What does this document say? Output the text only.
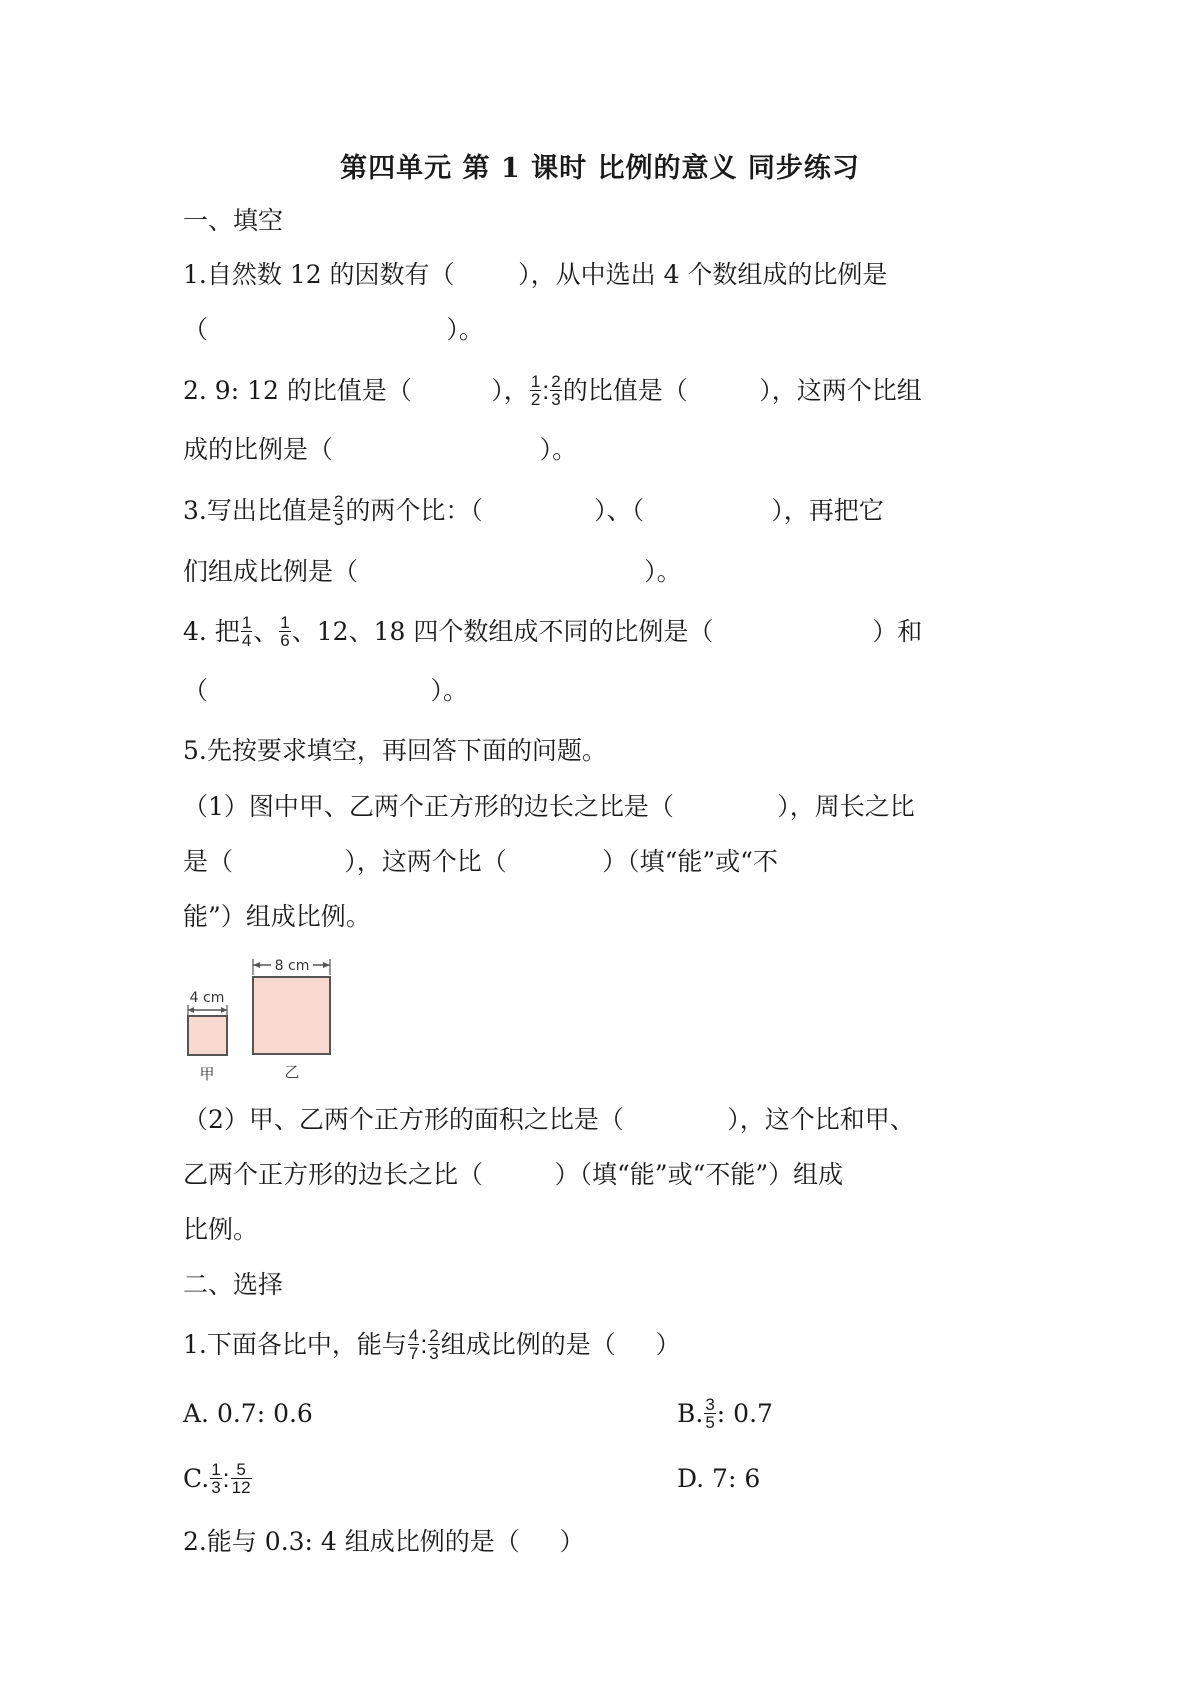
第四单元 第 1 课时 比例的意义 同步练习
一、填空
1.自然数 12 的因数有（        ），从中选出 4 个数组成的比例是
（                              ）。
2. 9: 12 的比值是（          ）， $\frac{1}{2}$ : $\frac{2}{3}$ 的比值是（         ），这两个比组
成的比例是（                          ）。
3.写出比值是 $\frac{2}{3}$ 的两个比：（              ）、（                ），再把它
们组成比例是（                                    ）。
4. 把 $\frac{1}{4}$ 、 $\frac{1}{6}$ 、12、18 四个数组成不同的比例是（                    ）和
（                            ）。
5.先按要求填空，再回答下面的问题。
（1）图中甲、乙两个正方形的边长之比是（             ），周长之比
是（              ），这两个比（            ）（填“能”或“不
能”）组成比例。
8 cm
乙
4 cm
甲
（2）甲、乙两个正方形的面积之比是（             ），这个比和甲、
乙两个正方形的边长之比（         ）（填“能”或“不能”）组成
比例。
二、选择
1.下面各比中，能与 $\frac{4}{7}$ : $\frac{2}{3}$ 组成比例的是（     ）
A. 0.7: 0.6	B. $\frac{3}{5}$ : 0.7
C. $\frac{1}{3}$ : $\frac{5}{12}$	D. 7: 6
2.能与 0.3: 4 组成比例的是（     ）
